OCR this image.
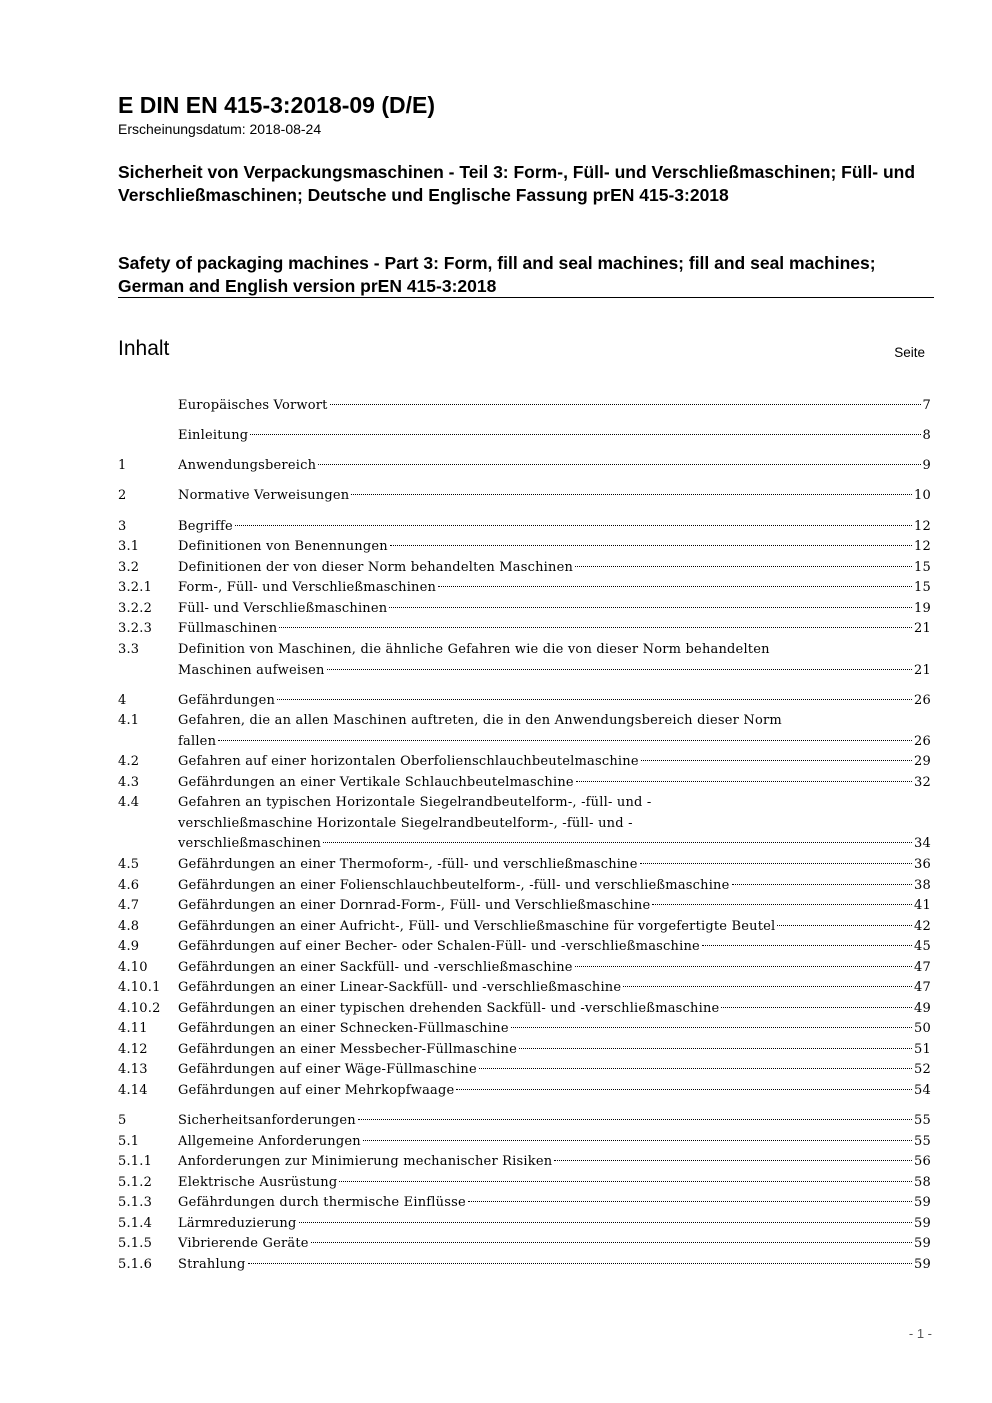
E DIN EN 415-3:2018-09 (D/E)
Erscheinungsdatum: 2018-08-24
Sicherheit von Verpackungsmaschinen - Teil 3: Form-, Füll- und Verschließmaschinen; Füll- und Verschließmaschinen; Deutsche und Englische Fassung prEN 415-3:2018
Safety of packaging machines - Part 3: Form, fill and seal machines; fill and seal machines; German and English version prEN 415-3:2018
Inhalt	Seite
Europäisches Vorwort	7
Einleitung	8
1	Anwendungsbereich	9
2	Normative Verweisungen	10
3	Begriffe	12
3.1	Definitionen von Benennungen	12
3.2	Definitionen der von dieser Norm behandelten Maschinen	15
3.2.1	Form-, Füll- und Verschließmaschinen	15
3.2.2	Füll- und Verschließmaschinen	19
3.2.3	Füllmaschinen	21
3.3	Definition von Maschinen, die ähnliche Gefahren wie die von dieser Norm behandelten
Maschinen aufweisen	21
4	Gefährdungen	26
4.1	Gefahren, die an allen Maschinen auftreten, die in den Anwendungsbereich dieser Norm
fallen	26
4.2	Gefahren auf einer horizontalen Oberfolienschlauchbeutelmaschine	29
4.3	Gefährdungen an einer Vertikale Schlauchbeutelmaschine	32
4.4	Gefahren an typischen Horizontale Siegelrandbeutelform-, -füll- und -
verschließmaschine Horizontale Siegelrandbeutelform-, -füll- und -
verschließmaschinen	34
4.5	Gefährdungen an einer Thermoform-, -füll- und verschließmaschine	36
4.6	Gefährdungen an einer Folienschlauchbeutelform-, -füll- und verschließmaschine	38
4.7	Gefährdungen an einer Dornrad-Form-, Füll- und Verschließmaschine	41
4.8	Gefährdungen an einer Aufricht-, Füll- und Verschließmaschine für vorgefertigte Beutel	42
4.9	Gefährdungen auf einer Becher- oder Schalen-Füll- und -verschließmaschine	45
4.10	Gefährdungen an einer Sackfüll- und -verschließmaschine	47
4.10.1	Gefährdungen an einer Linear-Sackfüll- und -verschließmaschine	47
4.10.2	Gefährdungen an einer typischen drehenden Sackfüll- und -verschließmaschine	49
4.11	Gefährdungen an einer Schnecken-Füllmaschine	50
4.12	Gefährdungen an einer Messbecher-Füllmaschine	51
4.13	Gefährdungen auf einer Wäge-Füllmaschine	52
4.14	Gefährdungen auf einer Mehrkopfwaage	54
5	Sicherheitsanforderungen	55
5.1	Allgemeine Anforderungen	55
5.1.1	Anforderungen zur Minimierung mechanischer Risiken	56
5.1.2	Elektrische Ausrüstung	58
5.1.3	Gefährdungen durch thermische Einflüsse	59
5.1.4	Lärmreduzierung	59
5.1.5	Vibrierende Geräte	59
5.1.6	Strahlung	59
- 1 -
